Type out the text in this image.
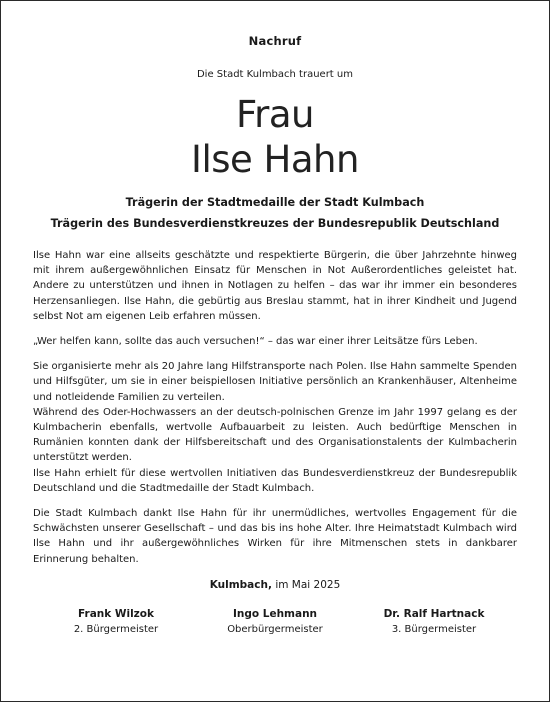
Nachruf
Die Stadt Kulmbach trauert um
Frau
Ilse Hahn
Trägerin der Stadtmedaille der Stadt Kulmbach
Trägerin des Bundesverdienstkreuzes der Bundesrepublik Deutschland

Ilse Hahn war eine allseits geschätzte und respektierte Bürgerin, die über Jahrzehnte hinweg mit ihrem außergewöhnlichen Einsatz für Menschen in Not Außerordentliches geleistet hat. Andere zu unterstützen und ihnen in Notlagen zu helfen – das war ihr immer ein besonderes Herzensanliegen. Ilse Hahn, die gebürtig aus Breslau stammt, hat in ihrer Kindheit und Jugend selbst Not am eigenen Leib erfahren müssen.

„Wer helfen kann, sollte das auch versuchen!“ – das war einer ihrer Leitsätze fürs Leben.

Sie organisierte mehr als 20 Jahre lang Hilfstransporte nach Polen. Ilse Hahn sammelte Spenden und Hilfsgüter, um sie in einer beispiellosen Initiative persönlich an Krankenhäuser, Altenheime und notleidende Familien zu verteilen.

Während des Oder-Hochwassers an der deutsch-polnischen Grenze im Jahr 1997 gelang es der Kulmbacherin ebenfalls, wertvolle Aufbauarbeit zu leisten. Auch bedürftige Menschen in Rumänien konnten dank der Hilfsbereitschaft und des Organisationstalents der Kulmbacherin unterstützt werden.

Ilse Hahn erhielt für diese wertvollen Initiativen das Bundesverdienstkreuz der Bundesrepublik Deutschland und die Stadtmedaille der Stadt Kulmbach.

Die Stadt Kulmbach dankt Ilse Hahn für ihr unermüdliches, wertvolles Engagement für die Schwächsten unserer Gesellschaft – und das bis ins hohe Alter. Ihre Heimatstadt Kulmbach wird Ilse Hahn und ihr außergewöhnliches Wirken für ihre Mitmenschen stets in dankbarer Erinnerung behalten.

Kulmbach, im Mai 2025
Frank Wilzok
2. Bürgermeister
Ingo Lehmann
Oberbürgermeister
Dr. Ralf Hartnack
3. Bürgermeister
